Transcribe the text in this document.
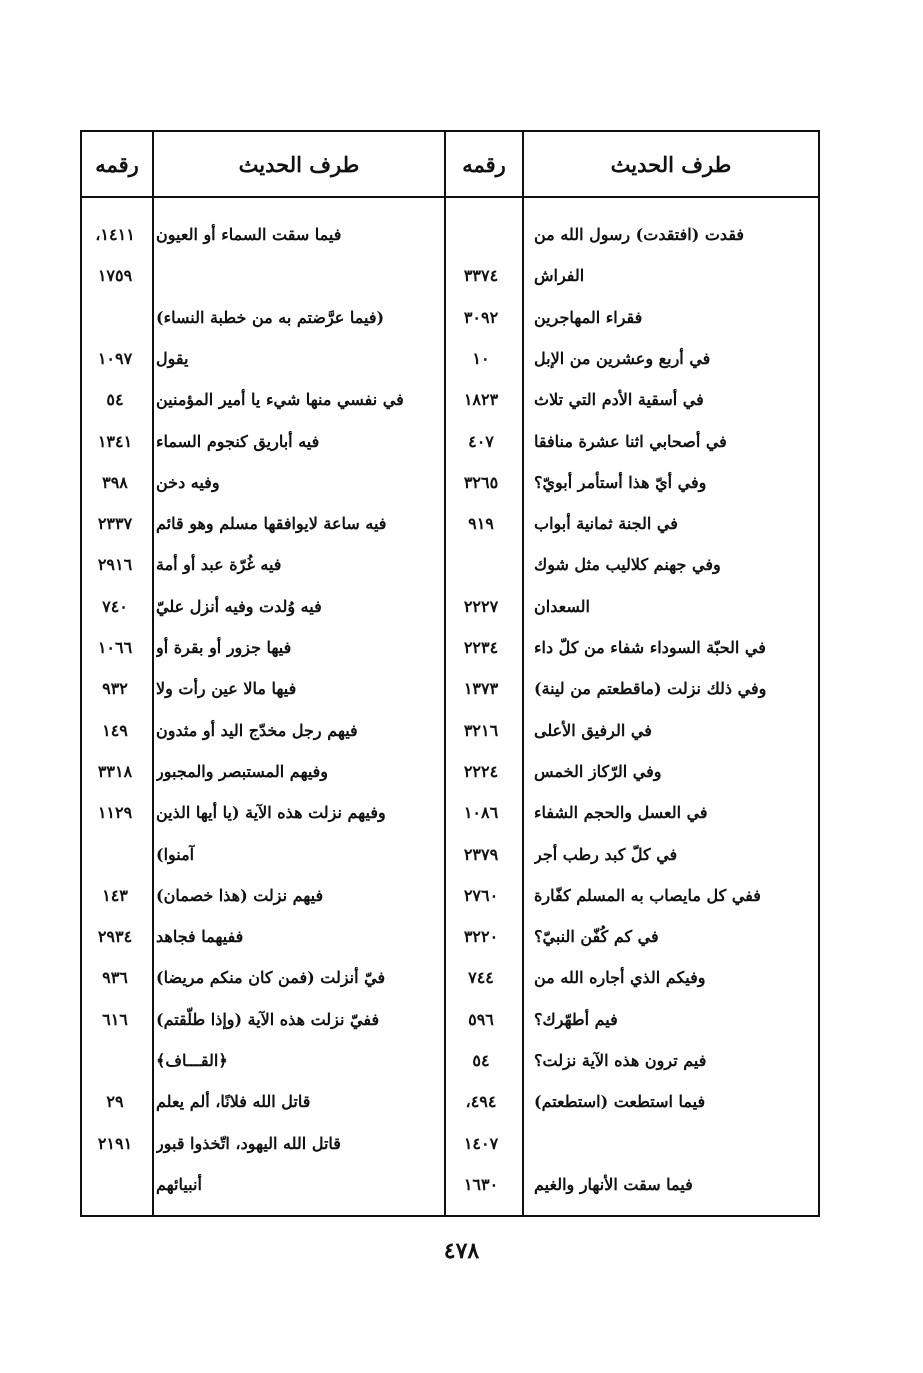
طرف الحديث
رقمه
طرف الحديث
رقمه
فقدت (افتقدت) رسول الله من
فيما سقت السماء أو العيون
١٤١١،
الفراش
٣٣٧٤
١٧٥٩
فقراء المهاجرين
٣٠٩٢
(فيما عرَّضتم به من خطبة النساء)
في أربع وعشرين من الإبل
١٠
يقول
١٠٩٧
في أسقية الأدم التي تلاث
١٨٢٣
في نفسي منها شيء يا أمير المؤمنين
٥٤
في أصحابي اثنا عشرة منافقا
٤٠٧
فيه أباريق كنجوم السماء
١٣٤١
وفي أيّ هذا أستأمر أبويّ؟
٣٢٦٥
وفيه دخن
٣٩٨
في الجنة ثمانية أبواب
٩١٩
فيه ساعة لايوافقها مسلم وهو قائم
٢٣٣٧
وفي جهنم كلاليب مثل شوك
فيه غُرّة عبد أو أمة
٢٩١٦
السعدان
٢٢٢٧
فيه وُلدت وفيه أنزل عليّ
٧٤٠
في الحبّة السوداء شفاء من كلّ داء
٢٢٣٤
فيها جزور أو بقرة أو
١٠٦٦
وفي ذلك نزلت (ماقطعتم من لينة)
١٣٧٣
فيها مالا عين رأت ولا
٩٣٢
في الرفيق الأعلى
٣٢١٦
فيهم رجل مخدّج اليد أو مثدون
١٤٩
وفي الرّكاز الخمس
٢٢٢٤
وفيهم المستبصر والمجبور
٣٣١٨
في العسل والحجم الشفاء
١٠٨٦
وفيهم نزلت هذه الآية (يا أيها الذين
١١٢٩
في كلّ كبد رطب أجر
٢٣٧٩
آمنوا)
ففي كل مايصاب به المسلم كفّارة
٢٧٦٠
فيهم نزلت (هذا خصمان)
١٤٣
في كم كُفّن النبيّ؟
٣٢٢٠
ففيهما فجاهد
٢٩٣٤
وفيكم الذي أجاره الله من
٧٤٤
فيّ أنزلت (فمن كان منكم مريضا)
٩٣٦
فيم أطهّرك؟
٥٩٦
ففيّ نزلت هذه الآية (وإذا طلّقتم)
٦١٦
فيم ترون هذه الآية نزلت؟
٥٤
﴿القـــاف﴾
فيما استطعت (استطعتم)
٤٩٤،
قاتل الله فلانًا، ألم يعلم
٢٩
١٤٠٧
قاتل الله اليهود، اتّخذوا قبور
٢١٩١
فيما سقت الأنهار والغيم
١٦٣٠
أنبيائهم
٤٧٨
